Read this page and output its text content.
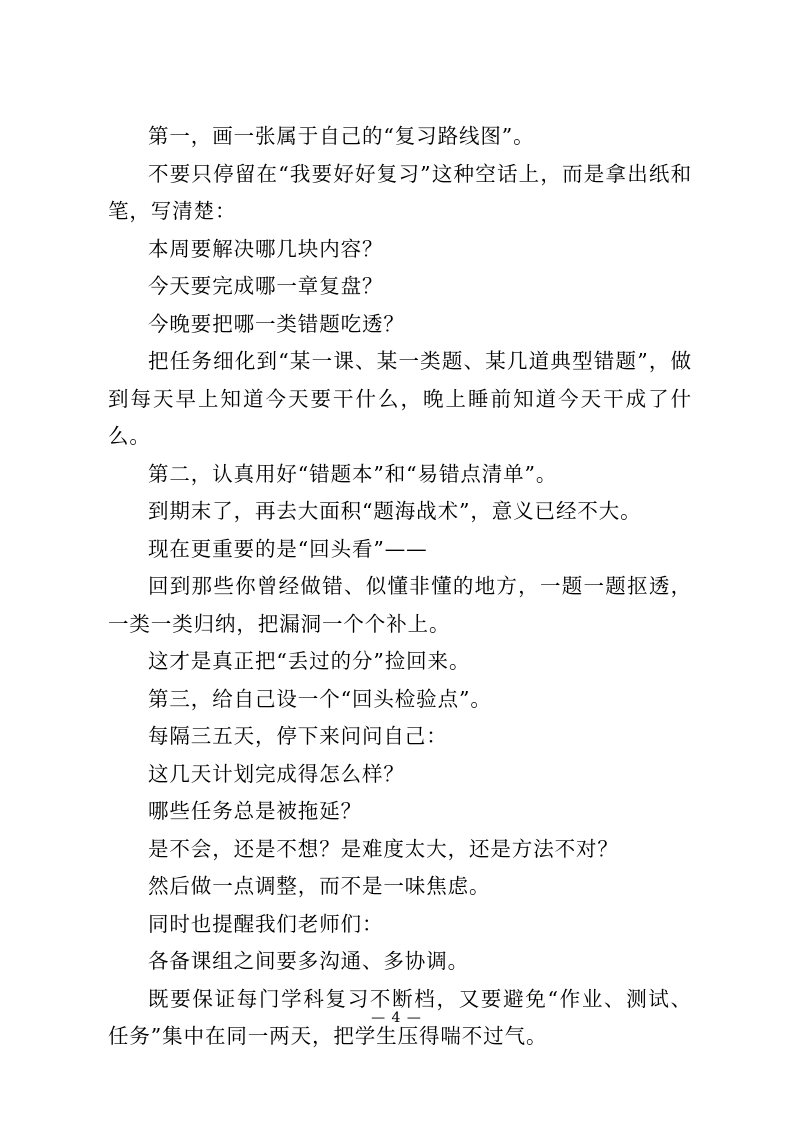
第一，画一张属于自己的“复习路线图”。

不要只停留在“我要好好复习”这种空话上，而是拿出纸和笔，写清楚：

本周要解决哪几块内容？

今天要完成哪一章复盘？

今晚要把哪一类错题吃透？

把任务细化到“某一课、某一类题、某几道典型错题”，做到每天早上知道今天要干什么，晚上睡前知道今天干成了什么。

第二，认真用好“错题本”和“易错点清单”。

到期末了，再去大面积“题海战术”，意义已经不大。

现在更重要的是“回头看”——

回到那些你曾经做错、似懂非懂的地方，一题一题抠透，一类一类归纳，把漏洞一个个补上。

这才是真正把“丢过的分”捡回来。

第三，给自己设一个“回头检验点”。

每隔三五天，停下来问问自己：

这几天计划完成得怎么样？

哪些任务总是被拖延？

是不会，还是不想？是难度太大，还是方法不对？

然后做一点调整，而不是一味焦虑。

同时也提醒我们老师们：

各备课组之间要多沟通、多协调。

既要保证每门学科复习不断档，又要避免“作业、测试、任务”集中在同一两天，把学生压得喘不过气。

— 4 —
